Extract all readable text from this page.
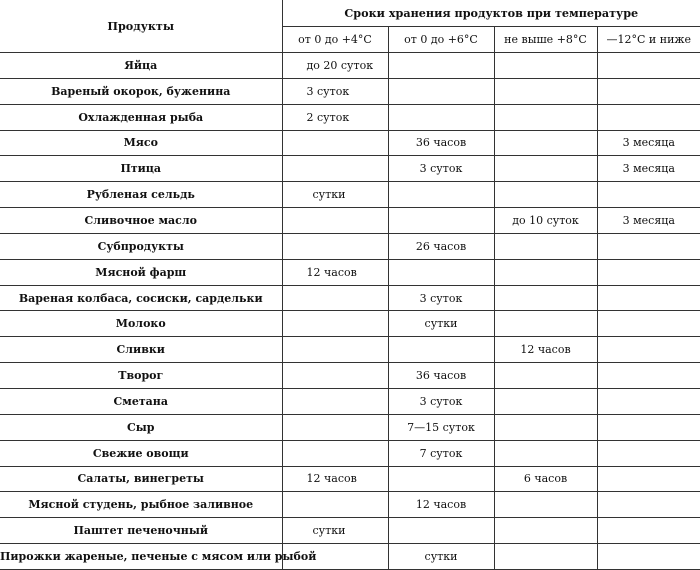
Продукты	Сроки хранения продуктов при температуре			
	от 0 до +4°С	от 0 до +6°С	не выше +8°С	—12°С и ниже
Яйца	до 20 суток			
Вареный окорок, буженина	3 суток			
Охлажденная рыба	2 суток			
Мясо		36 часов		3 месяца
Птица		3 суток		3 месяца
Рубленая сельдь	сутки			
Сливочное масло			до 10 суток	3 месяца
Субпродукты		26 часов		
Мясной фарш	12 часов			
Вареная колбаса, сосиски, сардельки		3 суток		
Молоко		сутки		
Сливки			12 часов	
Творог		36 часов		
Сметана		3 суток		
Сыр		7—15 суток		
Свежие овощи		7 суток		
Салаты, винегреты	12 часов		6 часов	
Мясной студень, рыбное заливное		12 часов		
Паштет печеночный	сутки			
Пирожки жареные, печеные с мясом или рыбой		сутки		
